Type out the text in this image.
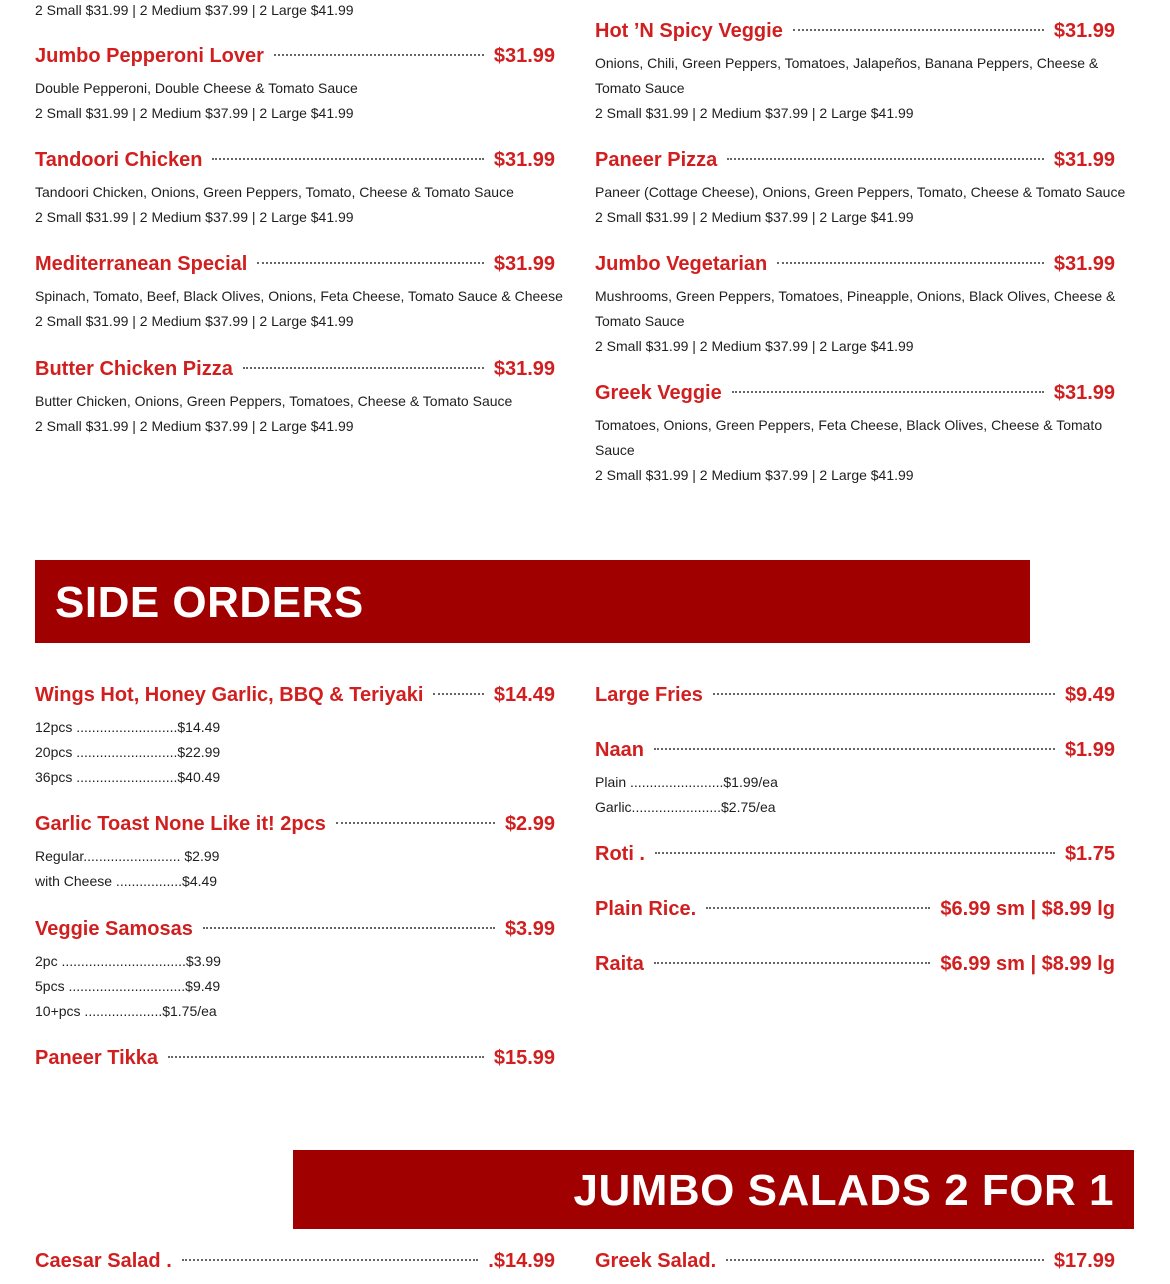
2 Small $31.99 | 2 Medium $37.99 | 2 Large $41.99
Jumbo Pepperoni Lover	$31.99
Double Pepperoni, Double Cheese & Tomato Sauce
2 Small $31.99 | 2 Medium $37.99 | 2 Large $41.99
Tandoori Chicken	$31.99
Tandoori Chicken, Onions, Green Peppers, Tomato, Cheese & Tomato Sauce
2 Small $31.99 | 2 Medium $37.99 | 2 Large $41.99
Mediterranean Special	$31.99
Spinach, Tomato, Beef, Black Olives, Onions, Feta Cheese, Tomato Sauce & Cheese
2 Small $31.99 | 2 Medium $37.99 | 2 Large $41.99
Butter Chicken Pizza	$31.99
Butter Chicken, Onions, Green Peppers, Tomatoes, Cheese & Tomato Sauce
2 Small $31.99 | 2 Medium $37.99 | 2 Large $41.99
Hot ’N Spicy Veggie	$31.99
Onions, Chili, Green Peppers, Tomatoes, Jalapeños, Banana Peppers, Cheese &
Tomato Sauce
2 Small $31.99 | 2 Medium $37.99 | 2 Large $41.99
Paneer Pizza	$31.99
Paneer (Cottage Cheese), Onions, Green Peppers, Tomato, Cheese & Tomato Sauce
2 Small $31.99 | 2 Medium $37.99 | 2 Large $41.99
Jumbo Vegetarian	$31.99
Mushrooms, Green Peppers, Tomatoes, Pineapple, Onions, Black Olives, Cheese &
Tomato Sauce
2 Small $31.99 | 2 Medium $37.99 | 2 Large $41.99
Greek Veggie	$31.99
Tomatoes, Onions, Green Peppers, Feta Cheese, Black Olives, Cheese & Tomato
Sauce
2 Small $31.99 | 2 Medium $37.99 | 2 Large $41.99
SIDE ORDERS
Wings Hot, Honey Garlic, BBQ & Teriyaki	$14.49
12pcs ..........................$14.49
20pcs ..........................$22.99
36pcs ..........................$40.49
Garlic Toast None Like it! 2pcs	$2.99
Regular......................... $2.99
with Cheese .................$4.49
Veggie Samosas	$3.99
2pc ................................$3.99
5pcs ..............................$9.49
10+pcs ....................$1.75/ea
Paneer Tikka	$15.99
Large Fries	$9.49
Naan	$1.99
Plain ........................$1.99/ea
Garlic.......................$2.75/ea
Roti .	$1.75
Plain Rice.	$6.99 sm | $8.99 lg
Raita	$6.99 sm | $8.99 lg
JUMBO SALADS 2 FOR 1
Caesar Salad .	.$14.99 Greek Salad.	$17.99
